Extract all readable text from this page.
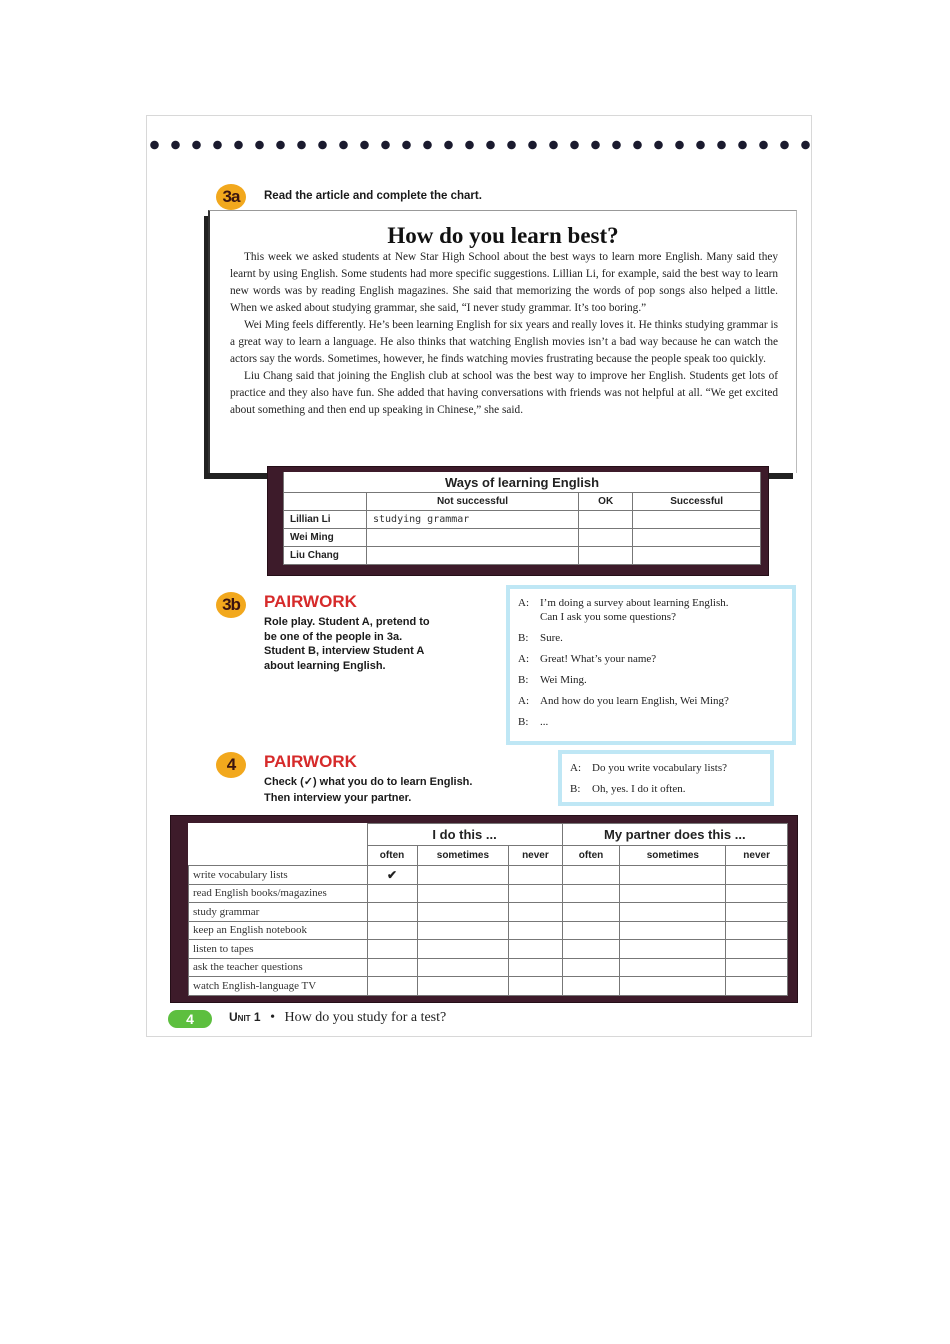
3a Read the article and complete the chart.
How do you learn best?

This week we asked students at New Star High School about the best ways to learn more English. Many said they learnt by using English. Some students had more specific suggestions. Lillian Li, for example, said the best way to learn new words was by reading English magazines. She said that memorizing the words of pop songs also helped a little. When we asked about studying grammar, she said, “I never study grammar. It’s too boring.”

Wei Ming feels differently. He’s been learning English for six years and really loves it. He thinks studying grammar is a great way to learn a language. He also thinks that watching English movies isn’t a bad way because he can watch the actors say the words. Sometimes, however, he finds watching movies frustrating because the people speak too quickly.

Liu Chang said that joining the English club at school was the best way to improve her English. Students get lots of practice and they also have fun. She added that having conversations with friends was not helpful at all. “We get excited about something and then end up speaking in Chinese,” she said.

Ways of learning English			
	Not successful	OK	Successful
Lillian Li	studying grammar		
Wei Ming			
Liu Chang			
3b PAIRWORK
Role play. Student A, pretend to
be one of the people in 3a.
Student B, interview Student A
about learning English.
A: I’m doing a survey about learning English.
Can I ask you some questions?
B: Sure.
A: Great! What’s your name?
B: Wei Ming.
A: And how do you learn English, Wei Ming?
B: ...
4 PAIRWORK
Check (✓) what you do to learn English.
Then interview your partner.
A: Do you write vocabulary lists?
B: Oh, yes. I do it often.
	I do this ...			My partner does this ...		
	often	sometimes	never	often	sometimes	never
write vocabulary lists	✔					
read English books/magazines						
study grammar						
keep an English notebook						
listen to tapes						
ask the teacher questions						
watch English-language TV						
4	Unit 1 • How do you study for a test?
